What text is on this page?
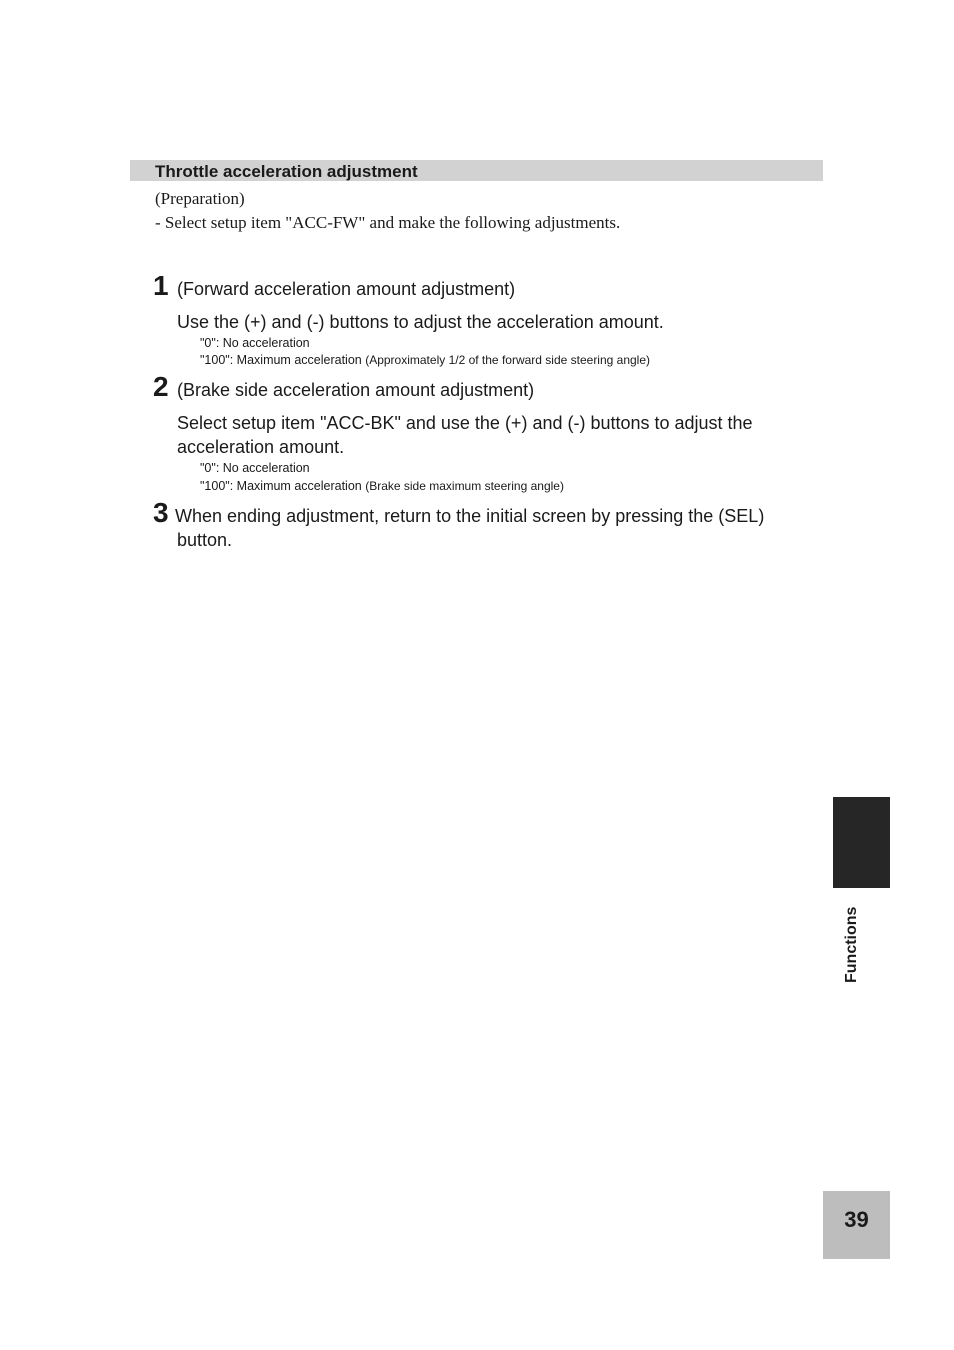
Throttle acceleration adjustment
(Preparation)
- Select setup item "ACC-FW" and make the following adjustments.
1 (Forward acceleration amount adjustment)
Use the (+) and (-) buttons to adjust the acceleration amount.
"0": No acceleration
"100": Maximum acceleration (Approximately 1/2 of the forward side steering angle)
2 (Brake side acceleration amount adjustment)
Select setup item "ACC-BK" and use the (+) and (-) buttons to adjust the acceleration amount.
"0": No acceleration
"100": Maximum acceleration (Brake side maximum steering angle)
3 When ending adjustment, return to the initial screen by pressing the (SEL) button.
Functions
39
